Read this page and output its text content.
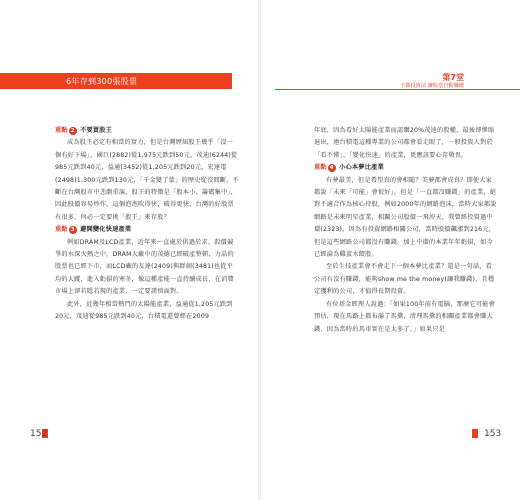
6年存到300張股票

重點 2 不要買股王

成為股王必定有相當的實力，但是台灣歷屆股王幾乎「沒一個有好下場」，國巨(2882)從1,975元跌到50元，茂迪(6244)從985元跌到40元，益通(3452)從1,205元跌到20元，宏達電(2498)1,300元跌到130元，「千金變了蒙」的歷史從沒間斷，不斷在台灣股市中悲劇重演，股王的特徵是「股本小、籌碼集中」，因此股價容易炒作，這個泡泡吹得快，破得更快，台灣的好股票有很多，何必一定要挑「股王」來存股？

重點 3 避開變化快速產業

例如DRAM及LCD產業，近年來一直處於供過於求、殺價競爭的水深火熱之中，DRAM大廠中的茂德已經破產整頓，力晶的股票也已經下市，而LCD廠的友達(2409)與群創(3481)也從平均的大蹤，進入虧損的寒冬，像這種產能一直持續成長，在消費市場上卻若隱若現的產業，一定要謹慎面對。

此外，近幾年相當熱門的太陽能產業，益通從1,205元跌到20元，茂迪從985元跌到40元，台積電還曾經在2009

152
第7堂
不做投資法 讓股票自動賺錢

年底，因為看好太陽能產業而認購20%茂迪的股權，最後卻慘賠退出，連台積電這種專業的公司都會看走眼了，一般投資人對於「看不懂」、「變化快速」的產業，更應該要心存敬畏。

重點 4 小心本夢比產業

有夢最美，但是希望真的會相隨？美夢都會成真？即使大家都說「未來「可能」會很好」，但是「一直都沒賺錢」的產業，絕對不適合作為核心持股，例如2000年的網路泡沫，當時大家都說網路是未來明星產業，相關公司股價一飛沖天，我曾經投資過中環(2323)，因為有投資網路相關公司，當時股價飆漲到216元，但是這些網路公司都沒有賺錢，加上中環的本業年年虧損，如今已經淪為雞蛋水餃股。

至於生技產業會不會走下一個本夢比產業？還是一句話，看公司有沒有賺錢，能夠show me the money(讓我賺錢)，且穩定獲利的公司，才值得長期投資。

有位基金經理人說過：「如果100年前有電腦，那麼它可能會預估，現在馬路上都布滿了馬糞，清理馬糞的相關產業都會賺大錢，因為當時的馬車實在是太多了。」如果只是

153
